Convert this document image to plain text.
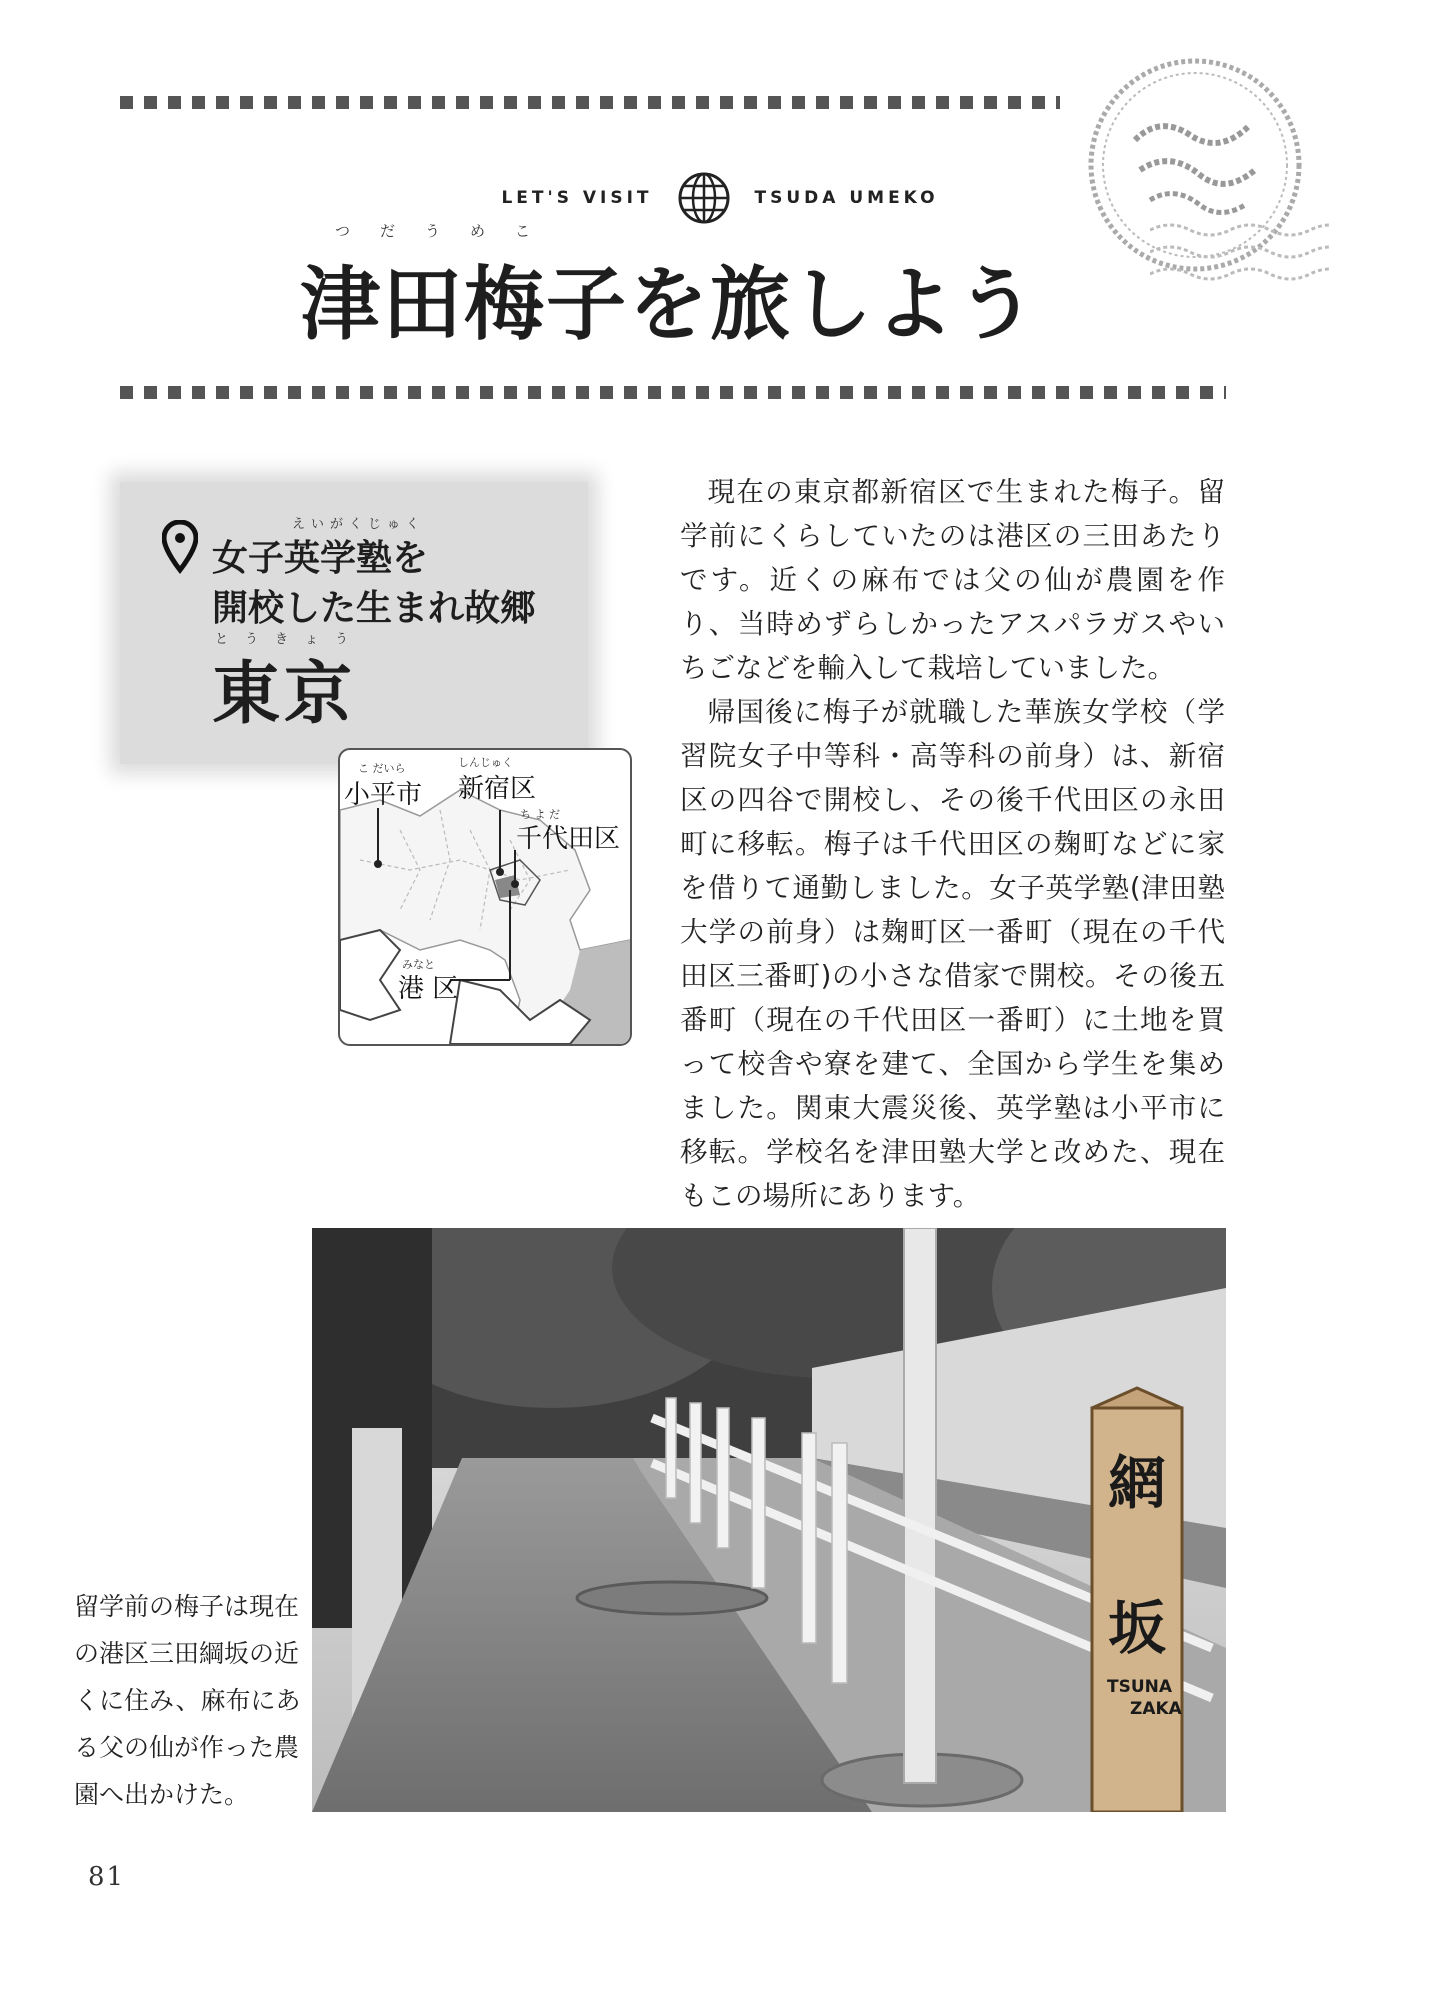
LET'S VISIT	TSUDA UMEKO
つ　　だ　　う　　め　　こ
津田梅子を旅しよう
えいがくじゅく
女子英学塾を
開校した生まれ故郷
と　う　き　ょ　う
東京
こ だいら
小平市
しんじゅく
新宿区
ち よ だ
千代田区
みなと
港 区

現在の東京都新宿区で生まれた梅子。留学前にくらしていたのは港区の三田あたりです。近くの麻布では父の仙が農園を作り、当時めずらしかったアスパラガスやいちごなどを輸入して栽培していました。

帰国後に梅子が就職した華族女学校（学習院女子中等科・高等科の前身）は、新宿区の四谷で開校し、その後千代田区の永田町に移転。梅子は千代田区の麹町などに家を借りて通勤しました。女子英学塾(津田塾大学の前身）は麹町区一番町（現在の千代田区三番町)の小さな借家で開校。その後五番町（現在の千代田区一番町）に土地を買って校舎や寮を建て、全国から学生を集めました。関東大震災後、英学塾は小平市に移転。学校名を津田塾大学と改めた、現在もこの場所にあります。

網
坂
TSUNA
ZAKA
留学前の梅子は現在の港区三田綱坂の近くに住み、麻布にある父の仙が作った農園へ出かけた。
81
